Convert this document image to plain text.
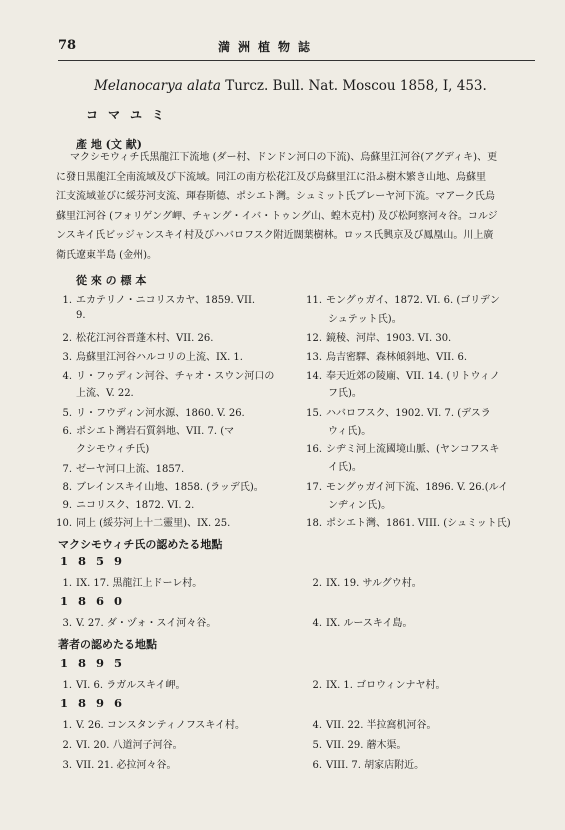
78	満洲植物誌
Melanocarya alata Turcz. Bull. Nat. Moscou 1858, I, 453.
コマユミ
產 地 (文 献)
マクシモウィチ氏黒龍江下流地 (ダー村、ドンドン河口の下流)、烏蘇里江河谷(アグディキ)、更
に發日黒龍江全南流域及び下流域。同江の南方松花江及び烏蘇里江に沿ふ樹木繁き山地、烏蘇里
江支流域並びに綏芬河支流、琿春斯德、ポシエト灣。シュミット氏ブレーヤ河下流。マアーク氏烏
蘇里江河谷 (フォリゲング岬、チャング・イバ・トゥング山、蝗木克村) 及び松阿察河々谷。コルジ
ンスキイ氏ビッジャンスキイ村及びハバロフスク附近闊葉樹林。ロッス氏興京及び鳳凰山。川上廣
衛氏遼東半島 (金州)。
從 來 の 標 本
1. エカテリノ・ニコリスカヤ、1859. VII.
9.
2. 松花江河谷晋蓬木村、VII. 26.
3. 烏蘇里江河谷ハルコリの上流、IX. 1.
4. リ・フゥディン河谷、チャオ・スウン河口の
上流、V. 22.
5. リ・フウディン河水源、1860. V. 26.
6. ポシエト灣岩石質斜地、VII. 7. (マ
クシモウィチ氏)
7. ゼーヤ河口上流、1857.
8. ブレインスキイ山地、1858. (ラッデ氏)。
9. ニコリスク、1872. VI. 2.
10. 同上 (綏芬河上十二靈里)、IX. 25.
11. モングゥガイ、1872. VI. 6. (ゴリデン
シュテット氏)。
12. 鏡稜、河岸、1903. VI. 30.
13. 烏吉密驛、森林傾斜地、VII. 6.
14. 奉天近郊の陵廟、VII. 14. (リトウィノ
フ氏)。
15. ハバロフスク、1902. VI. 7. (デスラ
ウィ氏)。
16. シヂミ河上流國境山脈、(ヤンコフスキ
イ氏)。
17. モングゥガイ河下流、1896. V. 26.(ルイ
ンヂィン氏)。
18. ポシエト灣、1861. VIII. (シュミット氏)
マクシモウィチ氏の認めたる地點
1859
1. IX. 17. 黒龍江上ドーレ村。	2. IX. 19. サルグウ村。
1860
3. V. 27. ダ・ヅォ・スイ河々谷。	4. IX. ルースキイ島。
著者の認めたる地點
1895
1. VI. 6. ラガルスキイ岬。	2. IX. 1. ゴロウィンナヤ村。
1896
1. V. 26. コンスタンティノフスキイ村。	4. VII. 22. 半拉窩机河谷。
2. VI. 20. 八道河子河谷。	5. VII. 29. 蘑木渠。
3. VII. 21. 必拉河々谷。	6. VIII. 7. 胡家店附近。
